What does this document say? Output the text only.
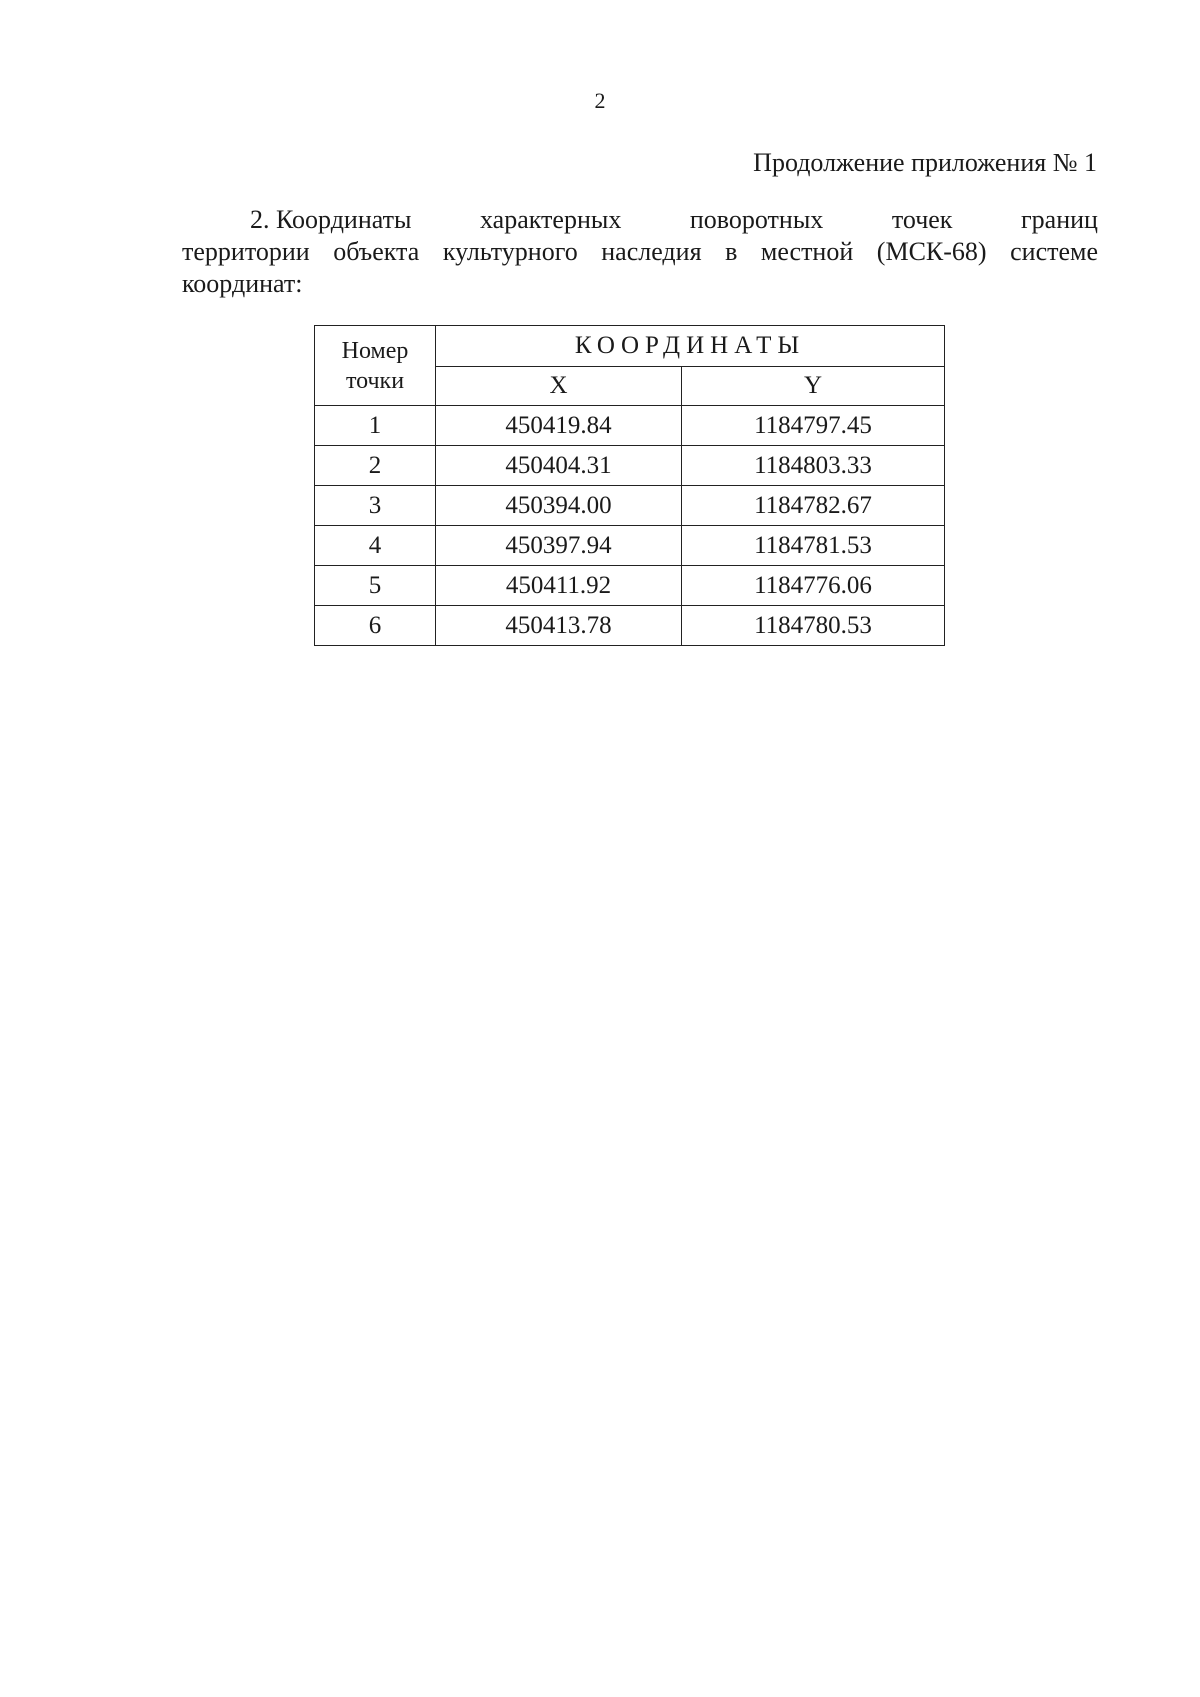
2
Продолжение приложения № 1
2. Координаты	характерных	поворотных	точек	границ
территории объекта культурного наследия в местной (МСК-68) системе
координат:
Номер
точки	КООРДИНАТЫ	
	X	Y
1	450419.84	1184797.45
2	450404.31	1184803.33
3	450394.00	1184782.67
4	450397.94	1184781.53
5	450411.92	1184776.06
6	450413.78	1184780.53
